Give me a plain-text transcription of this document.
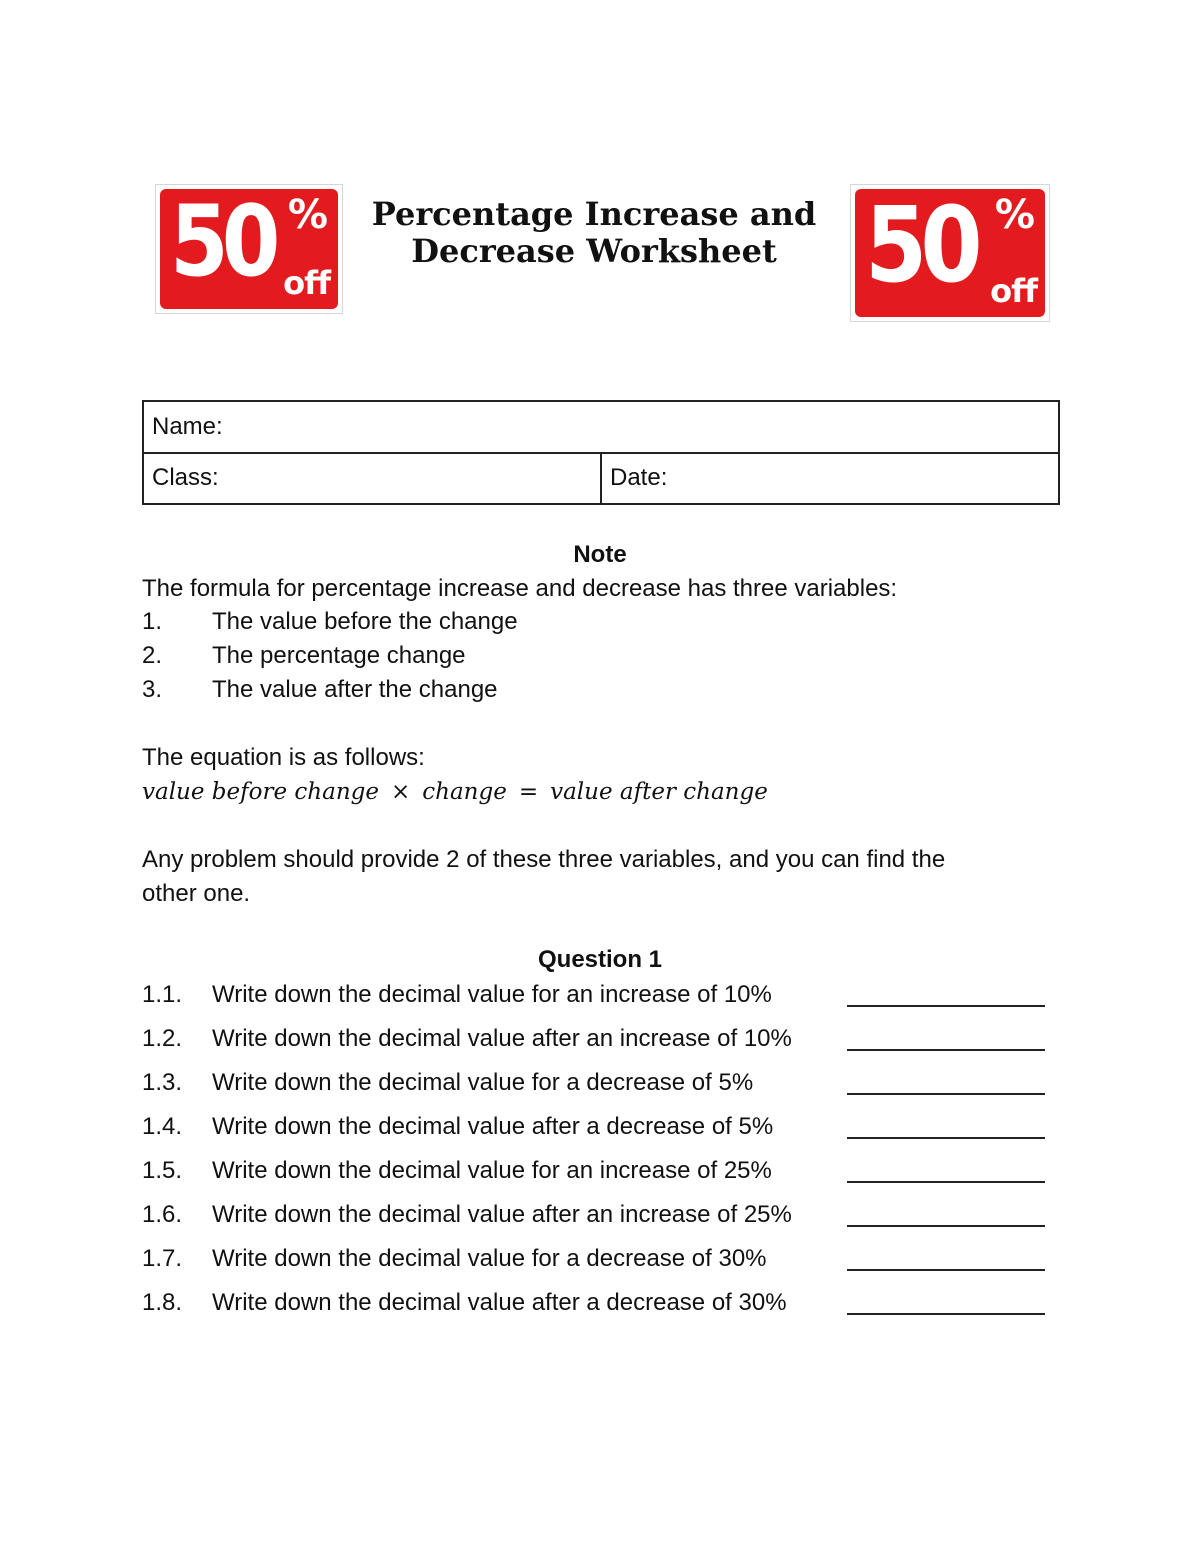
50 %
off
Percentage Increase and Decrease Worksheet 50 %
off
Name:
Class:	Date:
Note

The formula for percentage increase and decrease has three variables:

1. The value before the change
2. The percentage change
3. The value after the change

The equation is as follows:

value before change × change = value after change

Any problem should provide 2 of these three variables, and you can find the

other one.

Question 1
1.1. Write down the decimal value for an increase of 10%
1.2. Write down the decimal value after an increase of 10%
1.3. Write down the decimal value for a decrease of 5%
1.4. Write down the decimal value after a decrease of 5%
1.5. Write down the decimal value for an increase of 25%
1.6. Write down the decimal value after an increase of 25%
1.7. Write down the decimal value for a decrease of 30%
1.8. Write down the decimal value after a decrease of 30%
